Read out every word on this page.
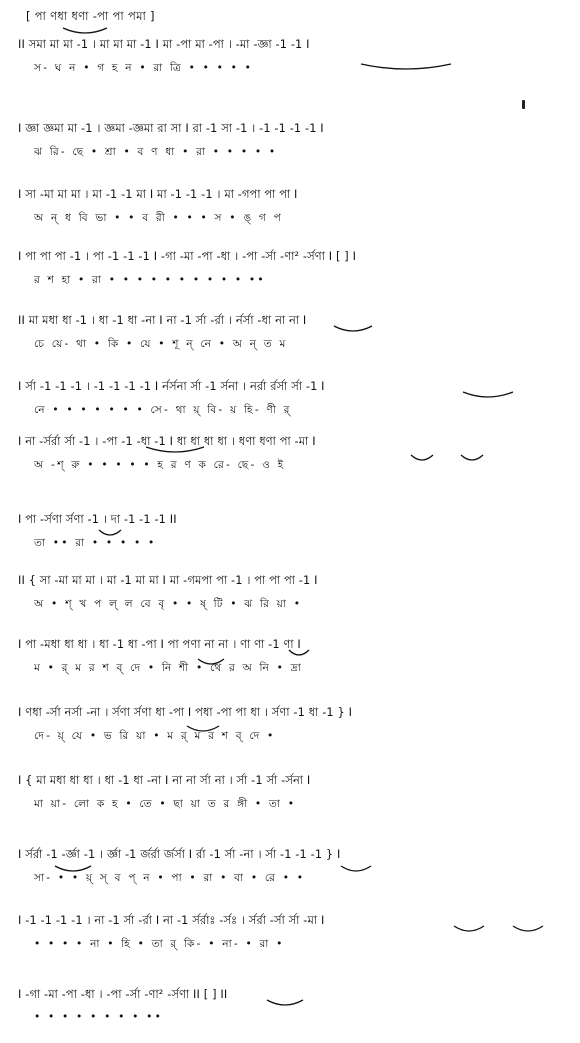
[ পা ণধা ধণা -পা পা পমা ]
II সমা মা মা -1 । মা মা মা -1 I মা -পা মা -পা । -মা -জ্ঞা -1 -1 I
স- ঘ ন • গ হ ন • রা ত্রি • • • • •
I জ্ঞা জ্ঞমা মা -1 । জ্ঞমা -জ্ঞমা রা সা I রা -1 সা -1 । -1 -1 -1 -1 I
ঝ রি- ছে • শ্রা • ব ণ ধা • রা • • • • •
I সা -মা মা মা । মা -1 -1 মা I মা -1 -1 -1 । মা -গপা পা পা I
অ ন্ ধ বি ভা • • ব রী • • • স • ঙ্ গ প
I পা পা পা -1 । পা -1 -1 -1 I -গা -মা -পা -ধা । -পা -র্সা -ণা² -র্সণা I [ ] I
র শ হা • রা • • • • • • • • • • ••
II মা মধা ধা -1 । ধা -1 ধা -না I না -1 র্সা -র্রা । র্নর্সা -ধা না না I
চে য়ে- থা • কি • যে • শূ ন্ নে • অ ন্ ত ম
I র্সা -1 -1 -1 । -1 -1 -1 -1 I র্নর্সনা র্সা -1 র্সনা । নর্রা র্রর্সা র্সা -1 I
নে • • • • • • • সে- থা য়্ বি- য় হি- ণী র্
I না -র্সর্রা র্সা -1 । -পা -1 -ধা -1 I ধা ধা ধা ধা । ধণা ধণা পা -মা I
অ -শ্ রু • • • • • হ র ণ ক রে- ছে- ও ই
I পা -র্সণা র্সণা -1 । দা -1 -1 -1 II
তা •• রা • • • • •
II { সা -মা মা মা । মা -1 মা মা I মা -গমপা পা -1 । পা পা পা -1 I
অ • শ্ খ প ল্ ল বে বৃ • • ষ্ টি • ঝ রি য়া •
I পা -মধা ধা ধা । ধা -1 ধা -পা I পা পণা না না । ণা ণা -1 ণা I
ম • র্ ম র শ ব্ দে • নি শী • থে র অ নি • দ্রা
I ণধা -র্সা নর্সা -না । র্সণা র্সণা ধা -পা I পধা -পা পা ধা । র্সণা -1 ধা -1 } I
দে- য়্ যে • ভ রি য়া • ম র্ ম র শ ব্ দে •
I { মা মধা ধা ধা । ধা -1 ধা -না I না না র্সা না । র্সা -1 র্সা -র্সনা I
মা য়া- লো ক হ • তে • ছা য়া ত র ঙ্গী • তা •
I র্সর্রা -1 -র্জ্ঞা -1 । র্জ্ঞা -1 র্জর্রা র্জর্সা I র্রা -1 র্সা -না । র্সা -1 -1 -1 } I
সা- • • য়্ স্ ব প্ ন • পা • রা • বা • রে • •
I -1 -1 -1 -1 । না -1 র্সা -র্রা I না -1 র্সর্রাঃ -র্সঃ । র্সর্রা -র্সা র্সা -মা I
• • • • না • হি • তা র্ কি- • না- • রা •
I -গা -মা -পা -ধা । -পা -র্সা -ণা² -র্সণা II [ ] II
• • • • • • • • ••
